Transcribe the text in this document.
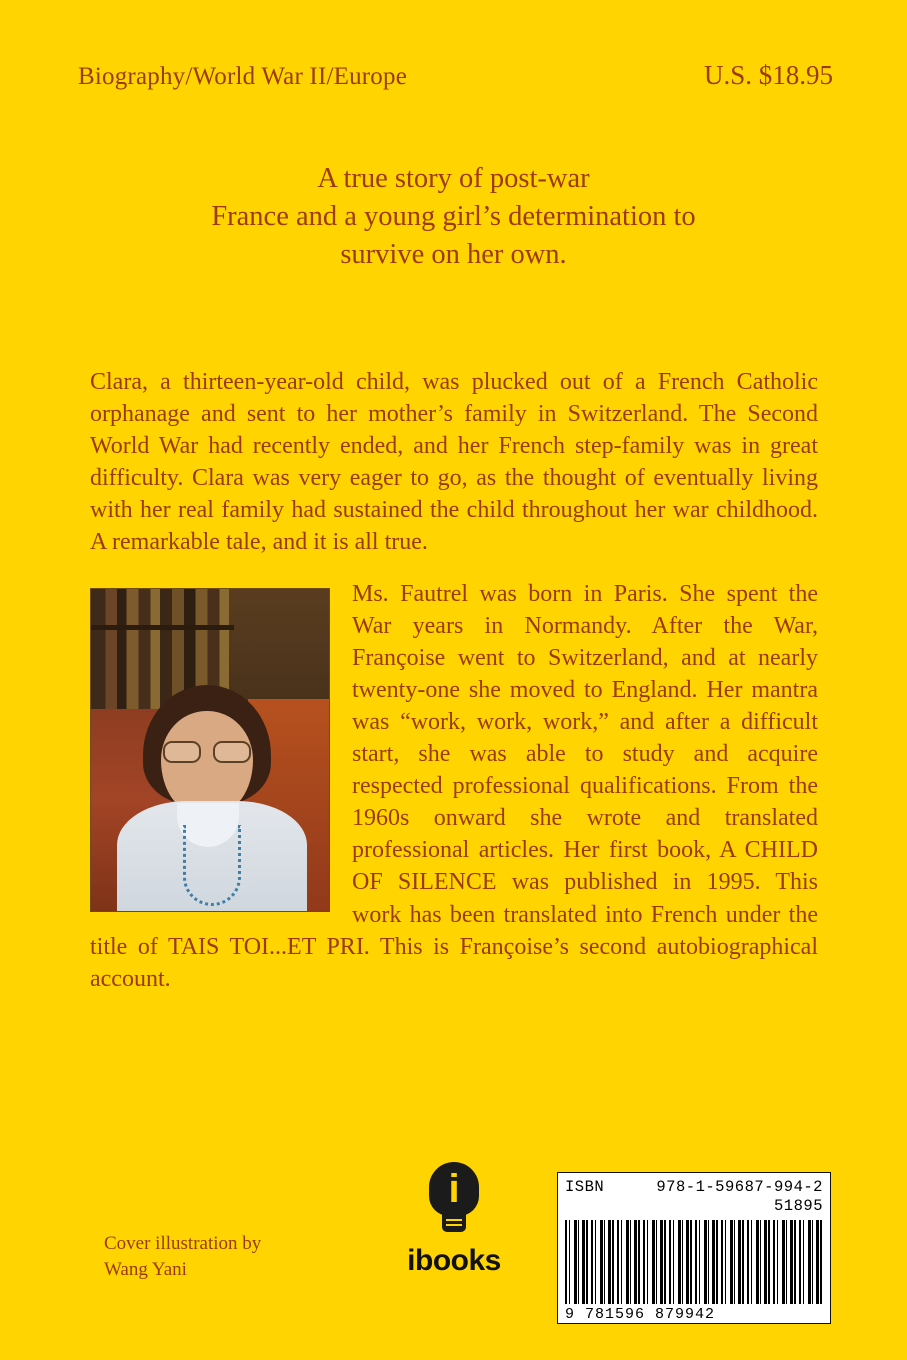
Biography/World War II/Europe	U.S. $18.95
A true story of post-war
France and a young girl’s determination to
survive on her own.

Clara, a thirteen-year-old child, was plucked out of a French Catholic orphanage and sent to her mother’s family in Switzerland. The Second World War had recently ended, and her French step-family was in great difficulty. Clara was very eager to go, as the thought of eventually living with her real family had sustained the child throughout her war childhood. A remarkable tale, and it is all true.

Ms. Fautrel was born in Paris. She spent the War years in Normandy. After the War, Françoise went to Switzerland, and at nearly twenty-one she moved to England. Her mantra was “work, work, work,” and after a difficult start, she was able to study and acquire respected professional qualifications. From the 1960s onward she wrote and translated professional articles. Her first book, A CHILD OF SILENCE was published in 1995. This work has been translated into French under the title of TAIS TOI...ET PRI. This is Françoise’s second autobiographical account.

Cover illustration by
Wang Yani
i
ibooks
ISBN	978-1-59687-994-2
51895
9 781596 879942
